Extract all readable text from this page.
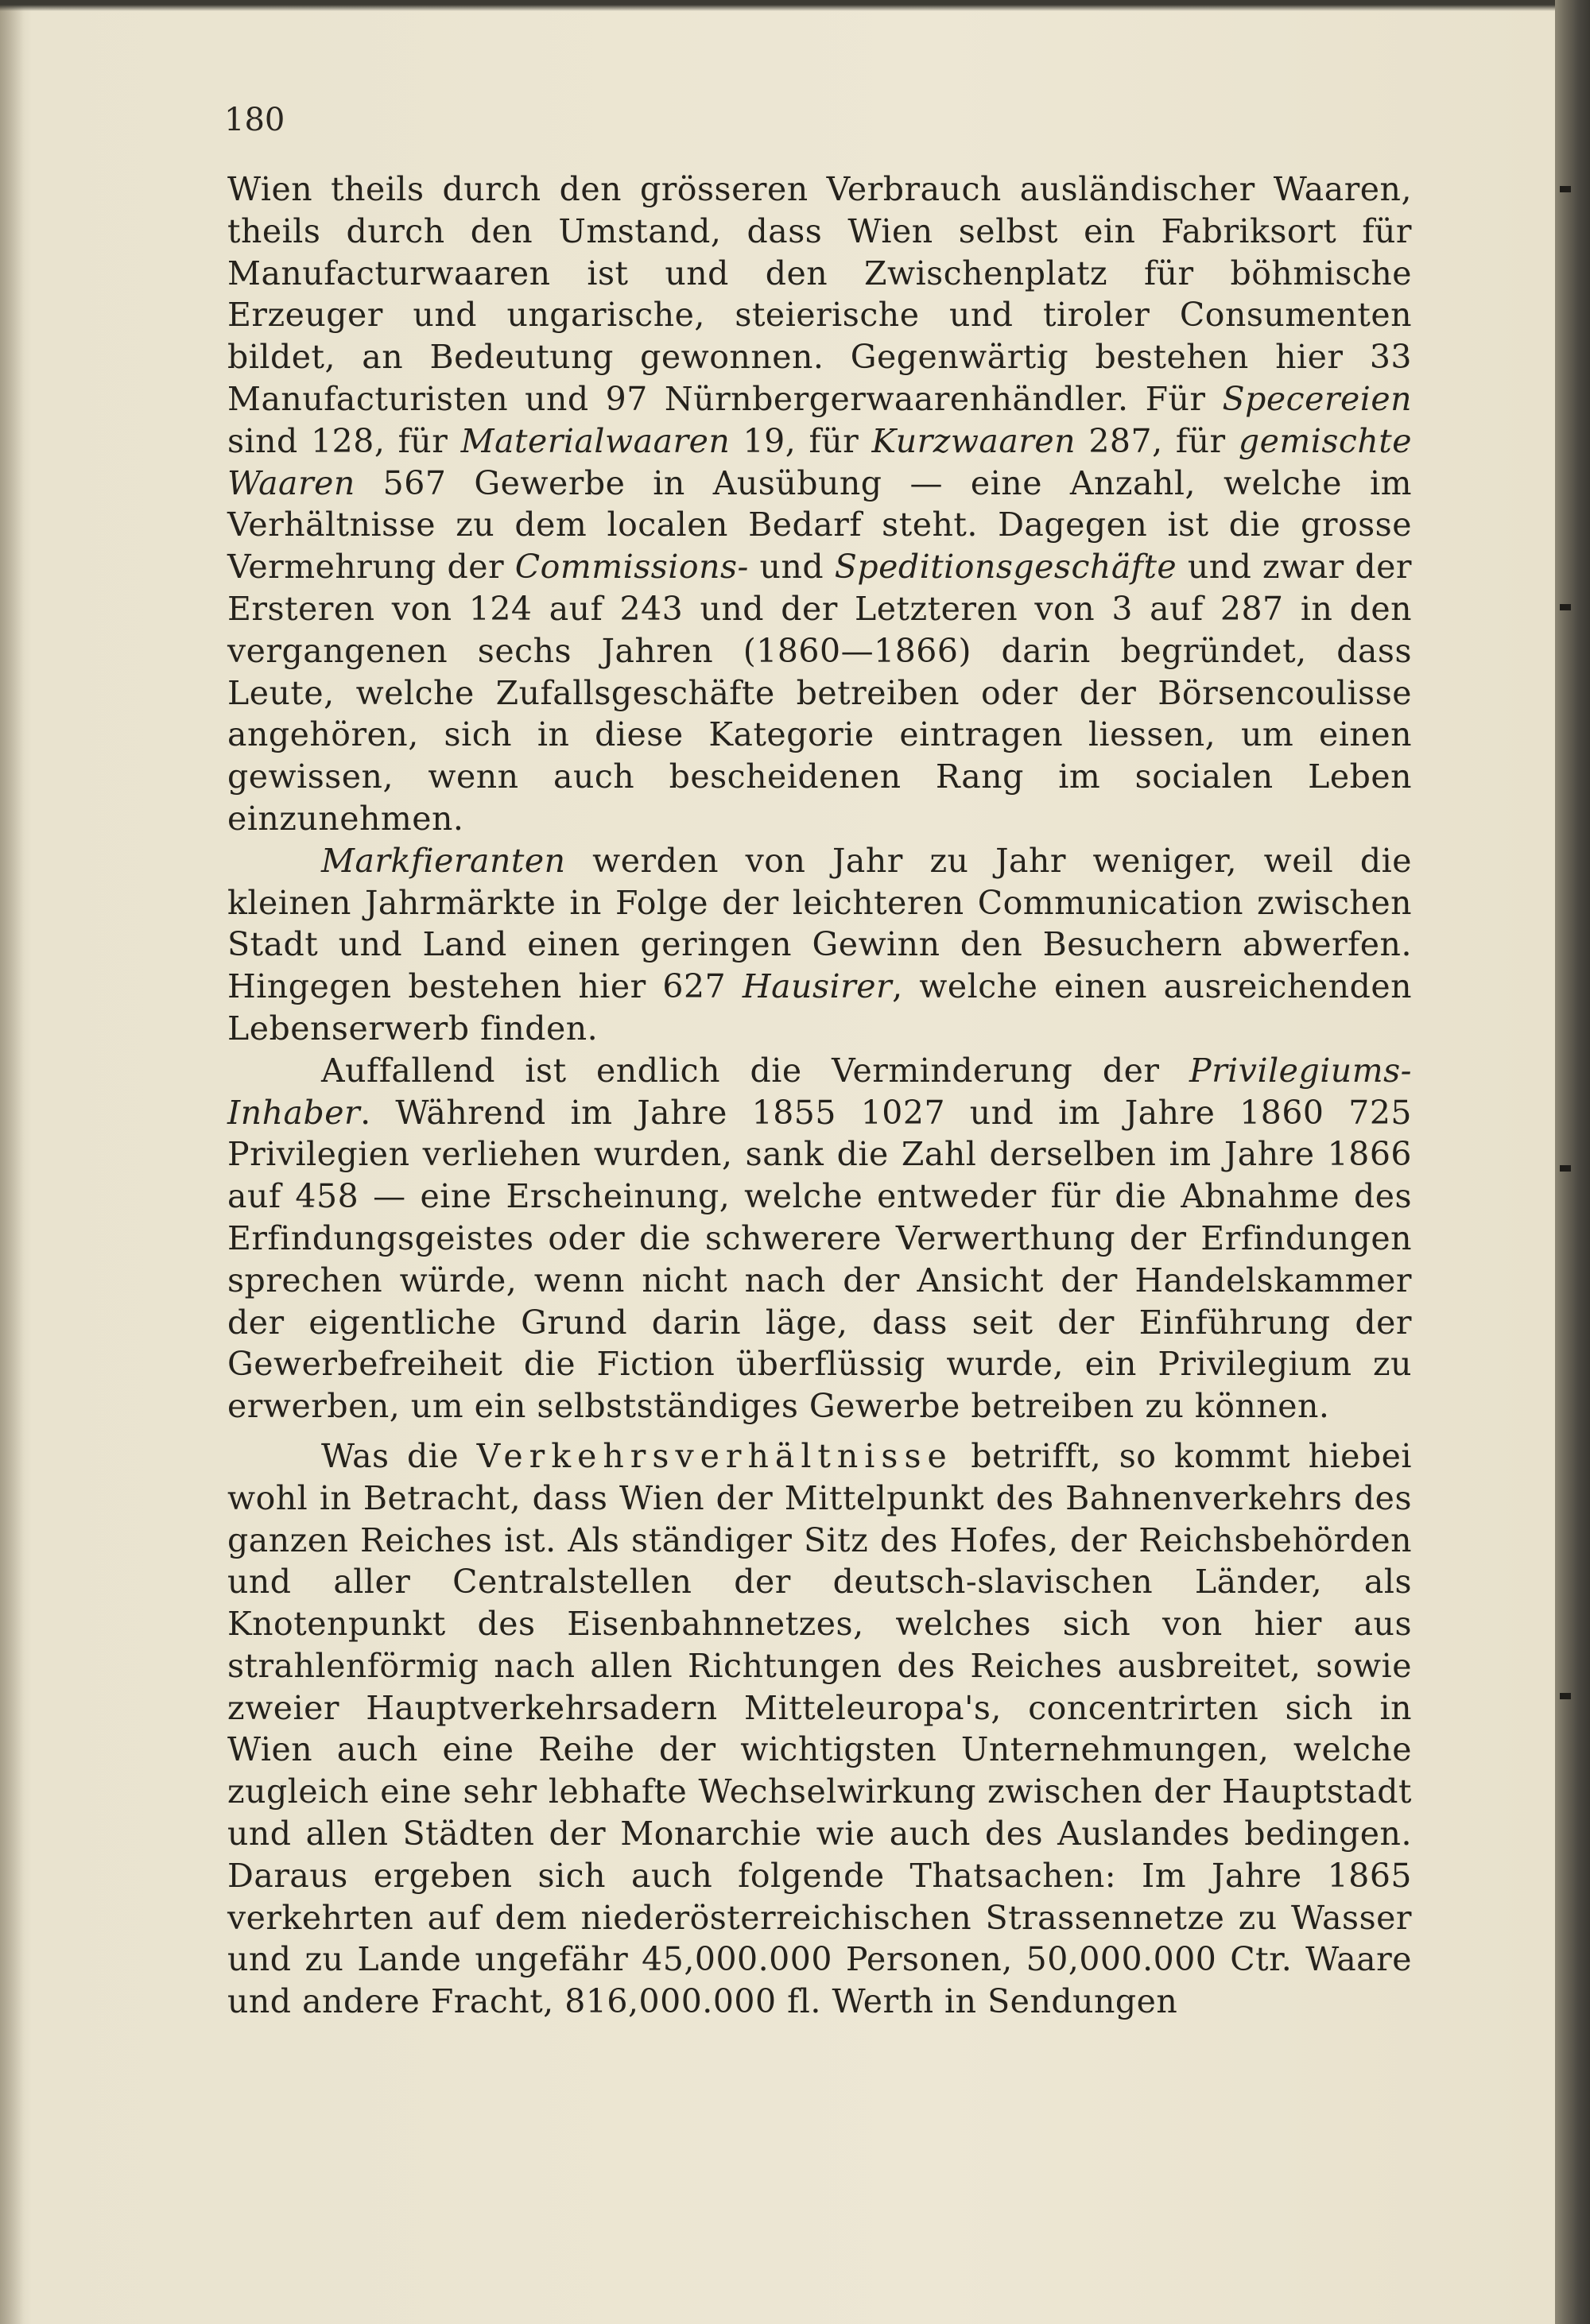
180

Wien theils durch den grösseren Verbrauch ausländischer Waaren, theils durch den Umstand, dass Wien selbst ein Fabriksort für Manufacturwaaren ist und den Zwischenplatz für böhmische Erzeuger und ungarische, steierische und tiroler Consumenten bildet, an Bedeutung gewonnen. Gegenwärtig bestehen hier 33 Manufacturisten und 97 Nürnbergerwaarenhändler. Für Specereien sind 128, für Materialwaaren 19, für Kurzwaaren 287, für gemischte Waaren 567 Gewerbe in Ausübung — eine Anzahl, welche im Verhältnisse zu dem localen Bedarf steht. Dagegen ist die grosse Vermehrung der Commissions- und Speditionsgeschäfte und zwar der Ersteren von 124 auf 243 und der Letzteren von 3 auf 287 in den vergangenen sechs Jahren (1860—1866) darin begründet, dass Leute, welche Zufallsgeschäfte betreiben oder der Börsencoulisse angehören, sich in diese Kategorie eintragen liessen, um einen gewissen, wenn auch bescheidenen Rang im socialen Leben einzunehmen.

Markfieranten werden von Jahr zu Jahr weniger, weil die kleinen Jahrmärkte in Folge der leichteren Communication zwischen Stadt und Land einen geringen Gewinn den Besuchern abwerfen. Hingegen bestehen hier 627 Hausirer, welche einen ausreichenden Lebenserwerb finden.

Auffallend ist endlich die Verminderung der Privilegiums-Inhaber. Während im Jahre 1855 1027 und im Jahre 1860 725 Privilegien verliehen wurden, sank die Zahl derselben im Jahre 1866 auf 458 — eine Erscheinung, welche entweder für die Abnahme des Erfindungsgeistes oder die schwerere Verwerthung der Erfindungen sprechen würde, wenn nicht nach der Ansicht der Handelskammer der eigentliche Grund darin läge, dass seit der Einführung der Gewerbefreiheit die Fiction überflüssig wurde, ein Privilegium zu erwerben, um ein selbstständiges Gewerbe betreiben zu können.

Was die Verkehrsverhältnisse betrifft, so kommt hiebei wohl in Betracht, dass Wien der Mittelpunkt des Bahnenverkehrs des ganzen Reiches ist. Als ständiger Sitz des Hofes, der Reichsbehörden und aller Centralstellen der deutsch-slavischen Länder, als Knotenpunkt des Eisenbahnnetzes, welches sich von hier aus strahlenförmig nach allen Richtungen des Reiches ausbreitet, sowie zweier Hauptverkehrsadern Mitteleuropa's, concentrirten sich in Wien auch eine Reihe der wichtigsten Unternehmungen, welche zugleich eine sehr lebhafte Wechselwirkung zwischen der Hauptstadt und allen Städten der Monarchie wie auch des Auslandes bedingen. Daraus ergeben sich auch folgende Thatsachen: Im Jahre 1865 verkehrten auf dem niederösterreichischen Strassennetze zu Wasser und zu Lande ungefähr 45,000.000 Personen, 50,000.000 Ctr. Waare und andere Fracht, 816,000.000 fl. Werth in Sendungen
